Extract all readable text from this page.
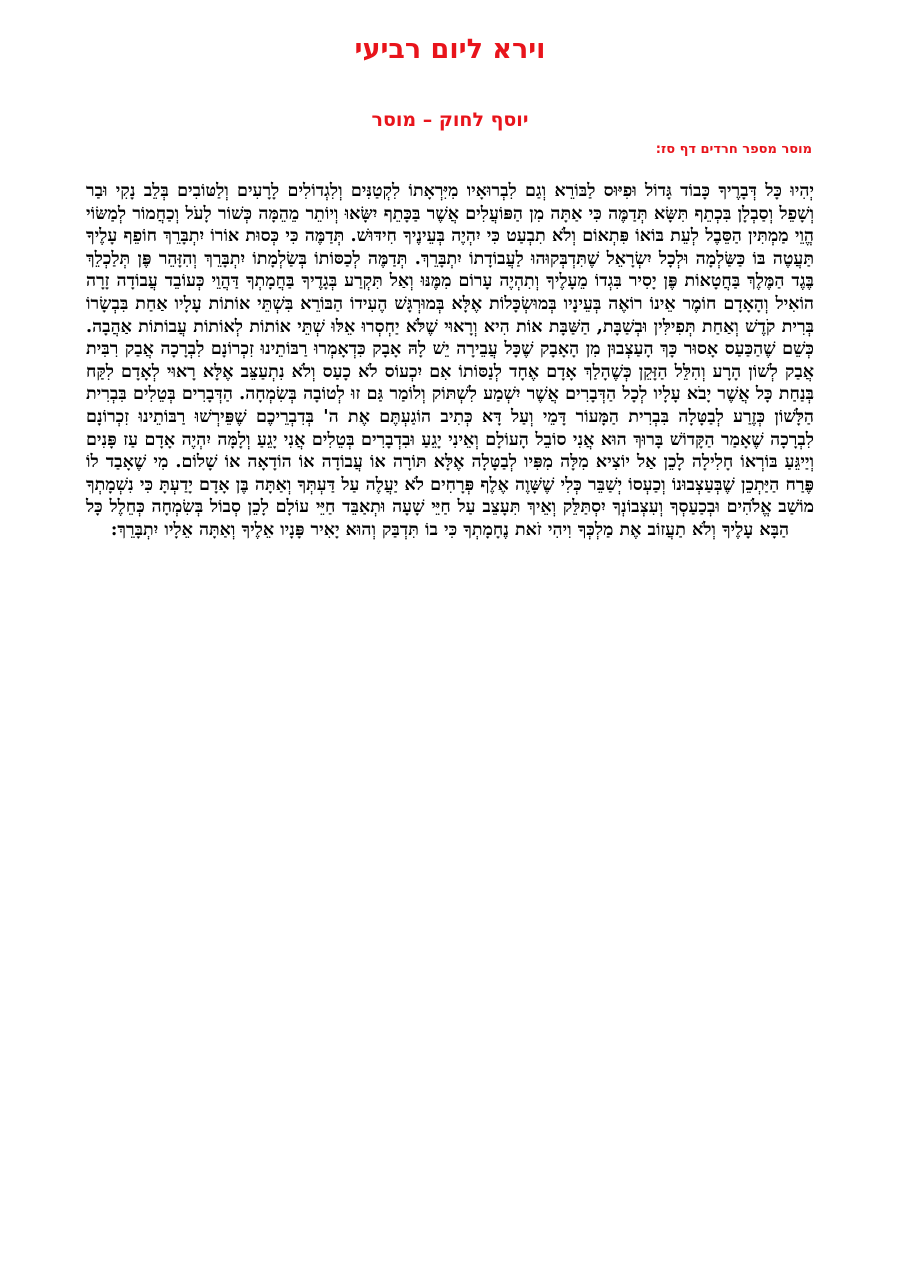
וירא ליום רביעי
יוסף לחוק – מוסר
מוסר מספר חרדים דף סז:

יְהִיוּ כָּל דְּבָרֶיךָ כָּבוֹד גָּדוֹל וּפִיּוּס לַבּוֹרֵא וְגַם לִבְרוּאָיו מִיִּרְאָתוֹ לִקְטַנִּים וְלִגְדוֹלִים לָרָעִים וְלַטּוֹבִים בְּלֵב נָקִי וּבַר וְשָׁפֵל וְסַבְלָן בִּכְתֵף תִּשָּׂא תְּדַמֶּה כִּי אַתָּה מִן הַפּוֹעֲלִים אֲשֶׁר בַּכָּתֵף יִשָּׂאוּ וְיוֹתֵר מֵהֵמָּה כְּשׁוֹר לָעֹל וְכַחֲמוֹר לְמַשּׂוֹי הֱוֵי מַמְתִּין הַסֵּבֶל לְעֵת בּוֹאוֹ פִּתְאוֹם וְלֹא תִבְעַט כִּי יִהְיֶה בְּעֵינֶיךָ חִידּוּשׁ. תְּדַמֶּה כִּי כְּסוּת אוֹרוֹ יִתְבָּרֵךְ חוֹפֵף עָלֶיךָ תַּעֲטֶה בּוֹ כַּשַּׂלְמָה וּלְכָל יִשְׂרָאֵל שֶׁתִּדְבְּקוּהוּ לַעֲבוֹדָתוֹ יִתְבָּרֵךְ. תְּדַמֶּה לְכַסּוֹתוֹ בְּשַׂלְמָתוֹ יִתְבָּרֵךְ וְהִזָּהֵר פֶּן תְּלַכְלֵךְ בֶּגֶד הַמֶּלֶךְ בַּחֲטָאוֹת פֶּן יָסִיר בִּגְדוֹ מֵעָלֶיךָ וְתִהְיֶה עָרוֹם מִמֶּנּוּ וְאַל תִּקְרַע בְּגָדֶיךָ בַּחֲמָתְךָ דַּהֲוֵי כְּעוֹבֵד עֲבוֹדָה זָרָה הוֹאִיל וְהָאָדָם חוֹמֶר אֵינוֹ רוֹאֶה בְּעֵינָיו בְּמוּשְׂכָּלוֹת אֶלָּא בְּמוּרְגָּשׁ הֶעִידוֹ הַבּוֹרֵא בִּשְׁתֵּי אוֹתוֹת עָלָיו אַחַת בִּבְשָׂרוֹ בְּרִית קֹדֶשׁ וְאַחַת תְּפִילִּין וּבְשַׁבָּת, הַשַּׁבָּת אוֹת הִיא וְרָאוּי שֶׁלֹּא יַחְסְרוּ אֵלּוּ שְׁתֵּי אוֹתוֹת לְאוֹתוֹת עֲבוֹתוֹת אַהֲבָה. כְּשֵׁם שֶׁהַכַּעַס אָסוּר כָּךְ הָעַצְבוּן מִן הָאָבָק שֶׁכָּל עֲבֵירָה יֵשׁ לָהּ אָבָק כִּדְאָמְרוּ רַבּוֹתֵינוּ זִכְרוֹנָם לִבְרָכָה אֲבַק רִבִּית אֲבַק לְשׁוֹן הָרָע וְהִלֵּל הַזָּקֵן כְּשֶׁהָלַךְ אָדָם אֶחָד לְנַסּוֹתוֹ אִם יִכְעוֹס לֹא כָעַס וְלֹא נִתְעַצֵּב אֶלָּא רָאוּי לְאָדָם לִקַּח בְּנַחַת כָּל אֲשֶׁר יָבֹא עָלָיו לְכָל הַדְּבָרִים אֲשֶׁר יִשְׁמַע לִשְׁתּוֹק וְלוֹמַר גַּם זוּ לְטוֹבָה בְּשִׂמְחָה. הַדְּבָרִים בְּטֵלִים בִּבְרִית הַלָּשׁוֹן כְּזֶרַע לְבַטָּלָה בִּבְרִית הַמָּעוֹר דָּמֵי וְעַל דָּא כְּתִיב הוֹגַעְתֶּם אֶת ה' בְּדִבְרֵיכֶם שֶׁפֵּירְשׁוּ רַבּוֹתֵינוּ זִכְרוֹנָם לִבְרָכָה שֶׁאָמַר הַקָּדוֹשׁ בָּרוּךְ הוּא אֲנִי סוֹבֵל הָעוֹלָם וְאֵינִי יָגֵעַ וּבִדְבָרִים בְּטֵלִים אֲנִי יָגֵעַ וְלָמָּה יִהְיֶה אָדָם עַז פָּנִים וְיַיגֵּעַ בּוֹרְאוֹ חָלִילָה לָכֵן אַל יוֹצִיא מִלָּה מִפִּיו לְבַטָּלָה אֶלָּא תּוֹרָה אוֹ עֲבוֹדָה אוֹ הוֹדָאָה אוֹ שָׁלוֹם. מִי שֶׁאָבַד לוֹ פֶּרַח הַיַּתְכֵן שֶׁבְּעַצְבוּנוֹ וְכַעְסוֹ יְשַׁבֵּר כְּלִי שֶׁשָּׁוֶה אֶלֶף פְּרָחִים לֹא יַעֲלֶה עַל דַּעְתְּךָ וְאַתָּה בֶּן אָדָם יָדַעְתָּ כִּי נִשְׁמָתְךָ מוֹשַׁב אֱלֹהִים וּבְכַעַסְךָ וְעִצְבוֹנְךָ יִסְתַּלֵּק וְאֵיךְ תִּעָצֵב עַל חַיֵּי שָׁעָה וּתְאַבֵּד חַיֵּי עוֹלָם לָכֵן סְבוֹל בְּשִׂמְחָה כְּחֵלֶל כָּל הַבָּא עָלֶיךָ וְלֹא תַעֲזוֹב אֶת מַלְכְּךָ וִיהִי זֹאת נֶחָמָתְךָ כִּי בוֹ תִּדְבַּק וְהוּא יָאִיר פָּנָיו אֵלֶיךָ וְאַתָּה אֵלָיו יִתְבָּרֵךְ:
